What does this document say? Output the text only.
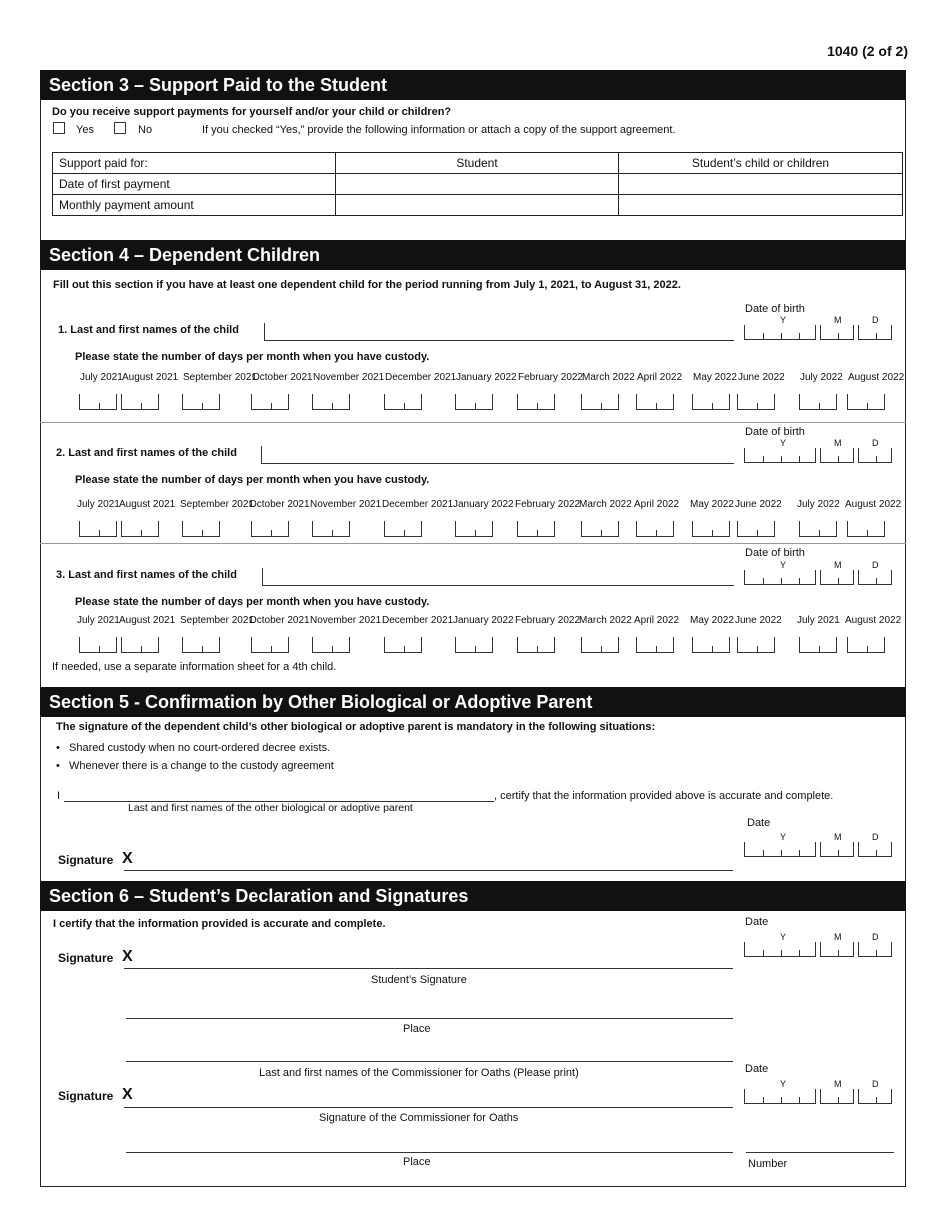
1040 (2 of 2)
Section 3 – Support Paid to the Student
Do you receive support payments for yourself and/or your child or children?
Yes	No	If you checked “Yes,” provide the following information or attach a copy of the support agreement.
Support paid for:	Student	Student’s child or children
Date of first payment		
Monthly payment amount		
Section 4 – Dependent Children
Fill out this section if you have at least one dependent child for the period running from July 1, 2021, to August 31, 2022.
Date of birth
1. Last and first names of the child
Y	M	D
Please state the number of days per month when you have custody.
July 2021 August 2021 September 2021
October 2021 November 2021 December 2021 January 2022 February 2022
March 2022 April 2022 May 2022 June 2022 July 2022 August 2022
Date of birth
2. Last and first names of the child
Y	M	D
Please state the number of days per month when you have custody.
July 2021 August 2021 September 2021
October 2021 November 2021 December 2021 January 2022 February 2022
March 2022 April 2022 May 2022 June 2022 July 2022 August 2022
Date of birth
3. Last and first names of the child
Y	M	D
Please state the number of days per month when you have custody.
July 2021 August 2021 September 2021
October 2021 November 2021 December 2021 January 2022 February 2022
March 2022 April 2022 May 2022 June 2022 July 2021 August 2022
If needed, use a separate information sheet for a 4th child.
Section 5 - Confirmation by Other Biological or Adoptive Parent
The signature of the dependent child’s other biological or adoptive parent is mandatory in the following situations:
•   Shared custody when no court-ordered decree exists.
•   Whenever there is a change to the custody agreement
I	, certify that the information provided above is accurate and complete.
Last and first names of the other biological or adoptive parent
Date
Y	M	D
Signature X
Section 6 – Student’s Declaration and Signatures
I certify that the information provided is accurate and complete.	Date
Y	M	D
Signature X
Student’s Signature
Place
Last and first names of the Commissioner for Oaths (Please print)	Date
Y	M	D
Signature X
Signature of the Commissioner for Oaths
Place	Number
